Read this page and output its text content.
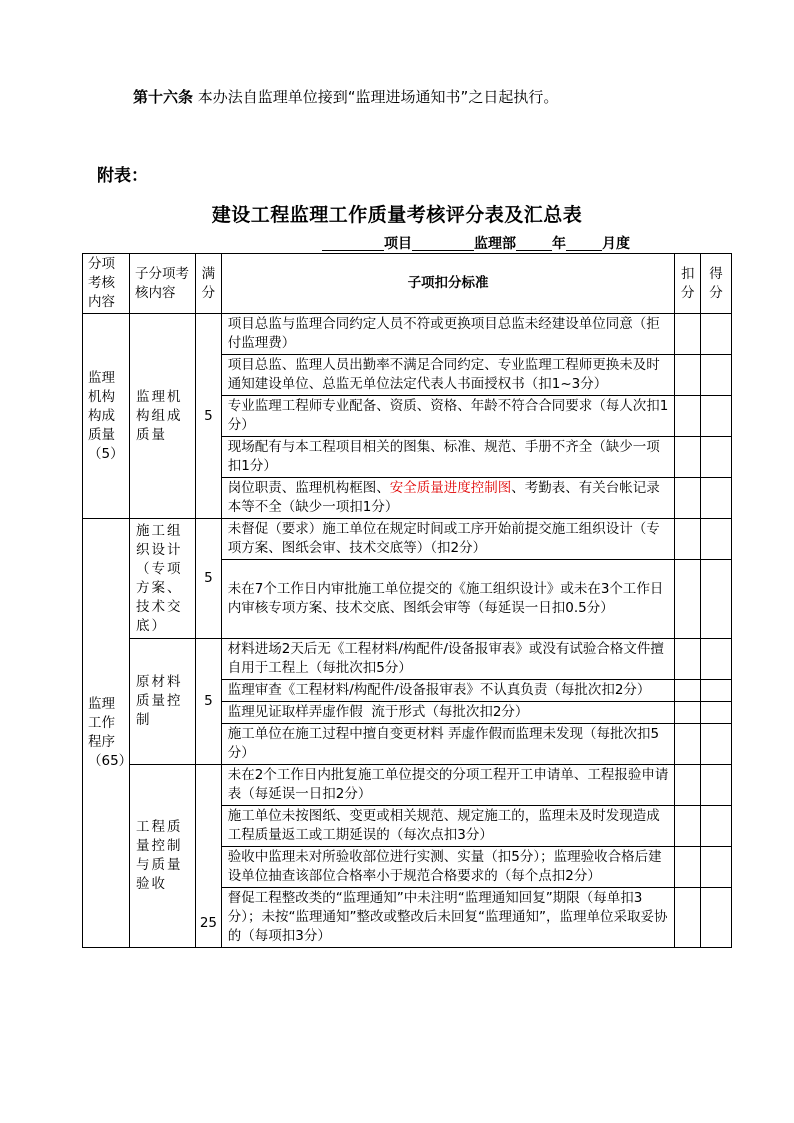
第十六条 本办法自监理单位接到“监理进场通知书”之日起执行。
附表：
建设工程监理工作质量考核评分表及汇总表
项目	监理部	年	月度
分项考核内容	子分项考核内容	满分	子项扣分标准	扣分	得分
监理机构构成质量（5）	监理机构组成质量	5	项目总监与监理合同约定人员不符或更换项目总监未经建设单位同意（拒付监理费）		
			项目总监、监理人员出勤率不满足合同约定、专业监理工程师更换未及时通知建设单位、总监无单位法定代表人书面授权书（扣1~3分）		
			专业监理工程师专业配备、资质、资格、年龄不符合合同要求（每人次扣1分）		
			现场配有与本工程项目相关的图集、标准、规范、手册不齐全（缺少一项扣1分）		
			岗位职责、监理机构框图、安全质量进度控制图、考勤表、有关台帐记录本等不全（缺少一项扣1分）		
监理工作程序（65）	施工组织设计（专项方案、技术交底）	5	未督促（要求）施工单位在规定时间或工序开始前提交施工组织设计（专项方案、图纸会审、技术交底等）（扣2分）		
			未在7个工作日内审批施工单位提交的《施工组织设计》或未在3个工作日内审核专项方案、技术交底、图纸会审等（每延误一日扣0.5分）		
	原材料质量控制	5	材料进场2天后无《工程材料/构配件/设备报审表》或没有试验合格文件擅自用于工程上（每批次扣5分）		
			监理审查《工程材料/构配件/设备报审表》不认真负责（每批次扣2分）		
			监理见证取样弄虚作假  流于形式（每批次扣2分）		
			施工单位在施工过程中擅自变更材料 弄虚作假而监理未发现（每批次扣5分）		
	工程质量控制与质量验收	25	未在2个工作日内批复施工单位提交的分项工程开工申请单、工程报验申请表（每延误一日扣2分）		
			施工单位未按图纸、变更或相关规范、规定施工的，监理未及时发现造成工程质量返工或工期延误的（每次点扣3分）		
			验收中监理未对所验收部位进行实测、实量（扣5分）；监理验收合格后建设单位抽查该部位合格率小于规范合格要求的（每个点扣2分）		
			督促工程整改类的“监理通知”中未注明“监理通知回复”期限（每单扣3分）；未按“监理通知”整改或整改后未回复“监理通知”，监理单位采取妥协的（每项扣3分）		
